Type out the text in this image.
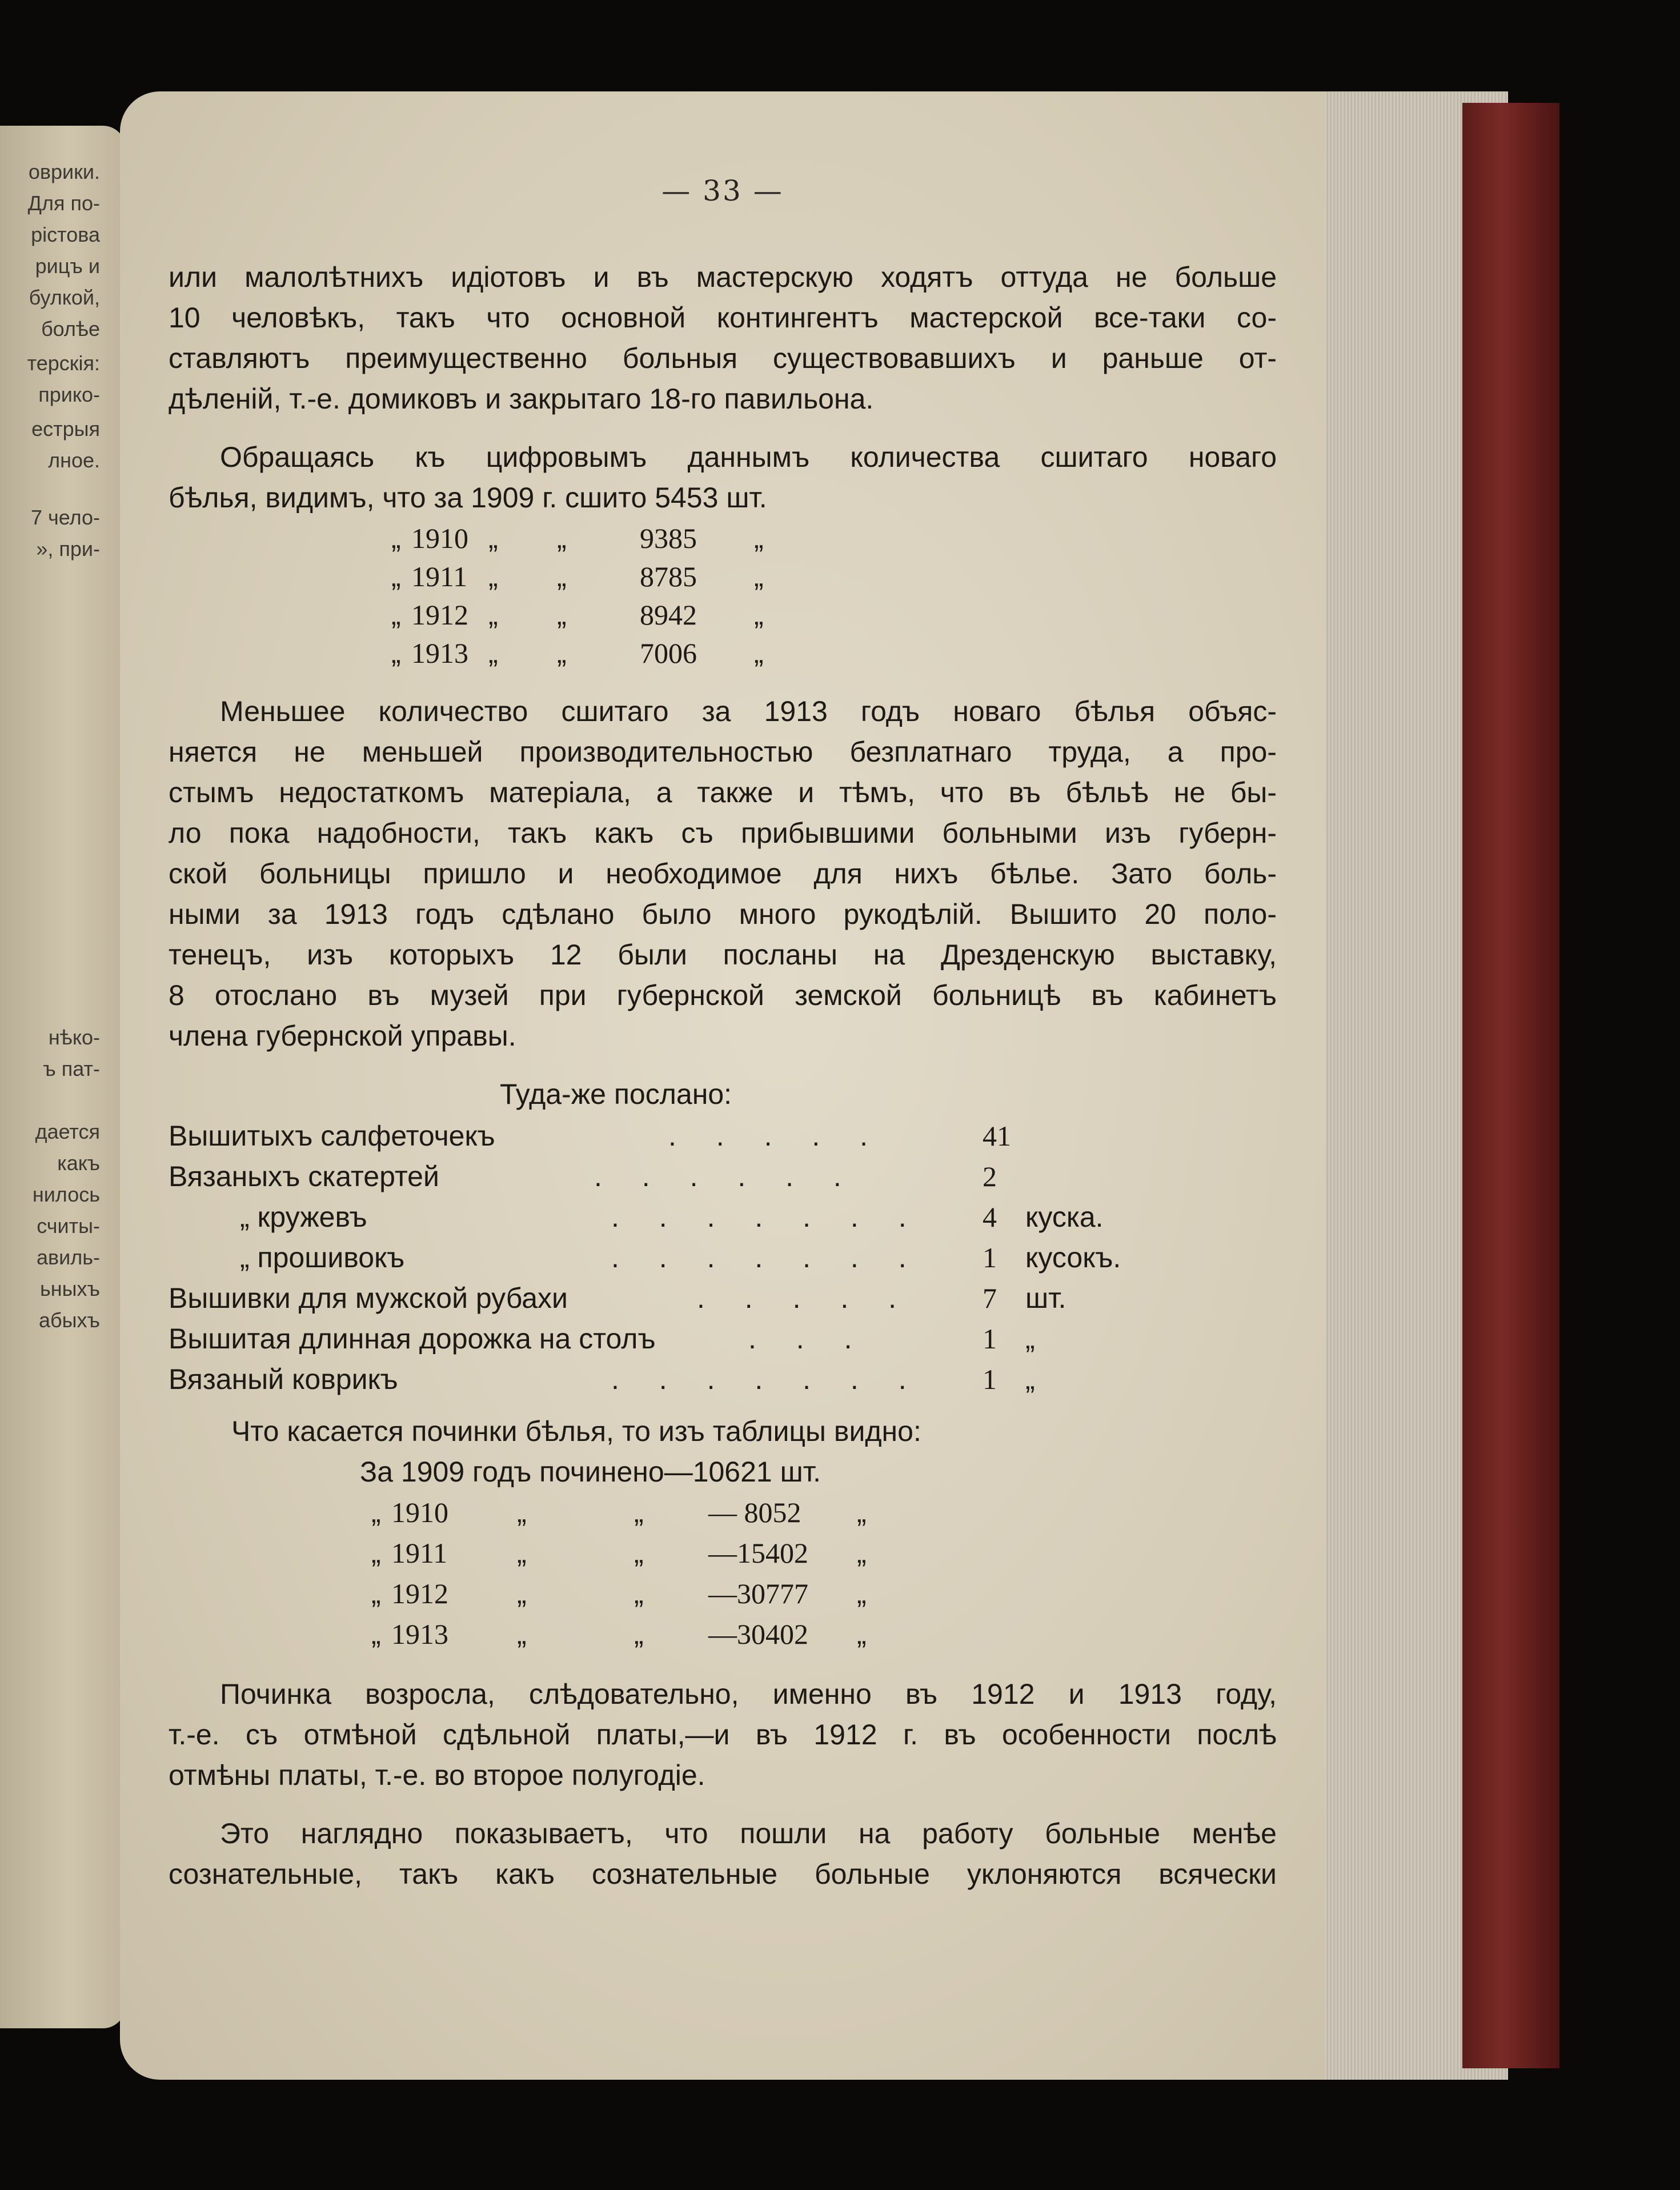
оврики.
Для по-
рістова
рицъ и
булкой,
болѣе
терскія:
прико-
естрыя
лное.
7 чело-
», при-
нѣко-
ъ пат-
дается
какъ
нилось
считы-
авиль-
ьныхъ
абыхъ
— 33 —
или малолѣтнихъ идіотовъ и въ мастерскую ходятъ оттуда не больше
10 человѣкъ, такъ что основной контингентъ мастерской все-таки со-
ставляютъ преимущественно больныя существовавшихъ и раньше от-
дѣленій, т.-е. домиковъ и закрытаго 18-го павильона.
Обращаясь къ цифровымъ даннымъ количества сшитаго новаго
бѣлья, видимъ, что за 1909 г. сшито 5453 шт.
„ 1910 „ „	9385 „
„ 1911 „ „	8785 „
„ 1912 „ „	8942 „
„ 1913 „ „	7006 „
Меньшее количество сшитаго за 1913 годъ новаго бѣлья объяс-
няется не меньшей производительностью безплатнаго труда, а про-
стымъ недостаткомъ матеріала, а также и тѣмъ, что въ бѣльѣ не бы-
ло пока надобности, такъ какъ съ прибывшими больными изъ губерн-
ской больницы пришло и необходимое для нихъ бѣлье. Зато боль-
ными за 1913 годъ сдѣлано было много рукодѣлій. Вышито 20 поло-
тенецъ, изъ которыхъ 12 были посланы на Дрезденскую выставку,
8 отослано въ музей при губернской земской больницѣ въ кабинетъ
члена губернской управы.
Туда-же послано:
Вышитыхъ салфеточекъ	. . . . .	41
Вязаныхъ скатертей	. . . . . .	2
„ кружевъ	. . . . . . . 4 куска.
„ прошивокъ	. . . . . . . 1 кусокъ.
Вышивки для мужской рубахи	. . . . . 7 шт.
Вышитая длинная дорожка на столъ	. . .	1 „
Вязаный коврикъ	. . . . . . . 1 „
Что касается починки бѣлья, то изъ таблицы видно:
За 1909 годъ починено—10621 шт.
„ 1910 „	„ — 8052 „
„ 1911 „	„ —15402 „
„ 1912 „	„ —30777 „
„ 1913 „	„ —30402 „
Починка возросла, слѣдовательно, именно въ 1912 и 1913 году,
т.-е. съ отмѣной сдѣльной платы,—и въ 1912 г. въ особенности послѣ
отмѣны платы, т.-е. во второе полугодіе.
Это наглядно показываетъ, что пошли на работу больные менѣе
сознательные, такъ какъ сознательные больные уклоняются всячески
